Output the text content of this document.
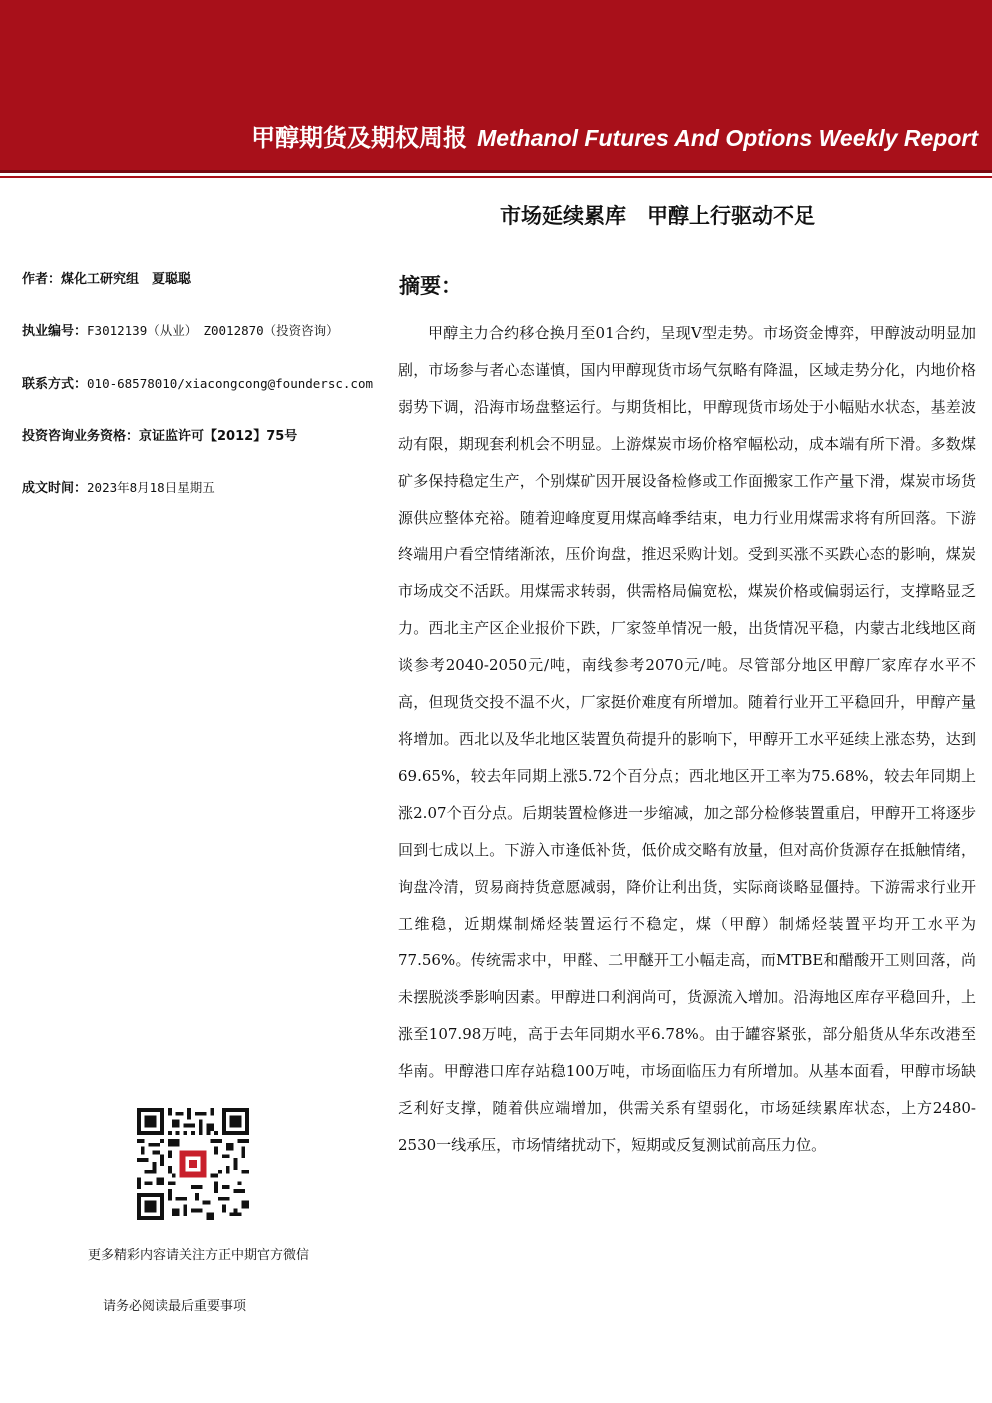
甲醇期货及期权周报 Methanol Futures And Options Weekly Report
市场延续累库　甲醇上行驱动不足
作者：煤化工研究组　夏聪聪
执业编号：F3012139（从业）　Z0012870（投资咨询）
联系方式：010-68578010/xiacongcong@foundersc.com
投资咨询业务资格：京证监许可【2012】75号
成文时间：2023年8月18日星期五
更多精彩内容请关注方正中期官方微信
请务必阅读最后重要事项
摘要：

甲醇主力合约移仓换月至01合约，呈现V型走势。市场资金博弈，甲醇波动明显加剧，市场参与者心态谨慎，国内甲醇现货市场气氛略有降温，区域走势分化，内地价格弱势下调，沿海市场盘整运行。与期货相比，甲醇现货市场处于小幅贴水状态，基差波动有限，期现套利机会不明显。上游煤炭市场价格窄幅松动，成本端有所下滑。多数煤矿多保持稳定生产，个别煤矿因开展设备检修或工作面搬家工作产量下滑，煤炭市场货源供应整体充裕。随着迎峰度夏用煤高峰季结束，电力行业用煤需求将有所回落。下游终端用户看空情绪渐浓，压价询盘，推迟采购计划。受到买涨不买跌心态的影响，煤炭市场成交不活跃。用煤需求转弱，供需格局偏宽松，煤炭价格或偏弱运行，支撑略显乏力。西北主产区企业报价下跌，厂家签单情况一般，出货情况平稳，内蒙古北线地区商谈参考2040-2050元/吨，南线参考2070元/吨。尽管部分地区甲醇厂家库存水平不高，但现货交投不温不火，厂家挺价难度有所增加。随着行业开工平稳回升，甲醇产量将增加。西北以及华北地区装置负荷提升的影响下，甲醇开工水平延续上涨态势，达到69.65%，较去年同期上涨5.72个百分点；西北地区开工率为75.68%，较去年同期上涨2.07个百分点。后期装置检修进一步缩减，加之部分检修装置重启，甲醇开工将逐步回到七成以上。下游入市逢低补货，低价成交略有放量，但对高价货源存在抵触情绪，询盘冷清，贸易商持货意愿减弱，降价让利出货，实际商谈略显僵持。下游需求行业开工维稳，近期煤制烯烃装置运行不稳定，煤（甲醇）制烯烃装置平均开工水平为77.56%。传统需求中，甲醛、二甲醚开工小幅走高，而MTBE和醋酸开工则回落，尚未摆脱淡季影响因素。甲醇进口利润尚可，货源流入增加。沿海地区库存平稳回升，上涨至107.98万吨，高于去年同期水平6.78%。由于罐容紧张，部分船货从华东改港至华南。甲醇港口库存站稳100万吨，市场面临压力有所增加。从基本面看，甲醇市场缺乏利好支撑，随着供应端增加，供需关系有望弱化，市场延续累库状态，上方2480-2530一线承压，市场情绪扰动下，短期或反复测试前高压力位。
